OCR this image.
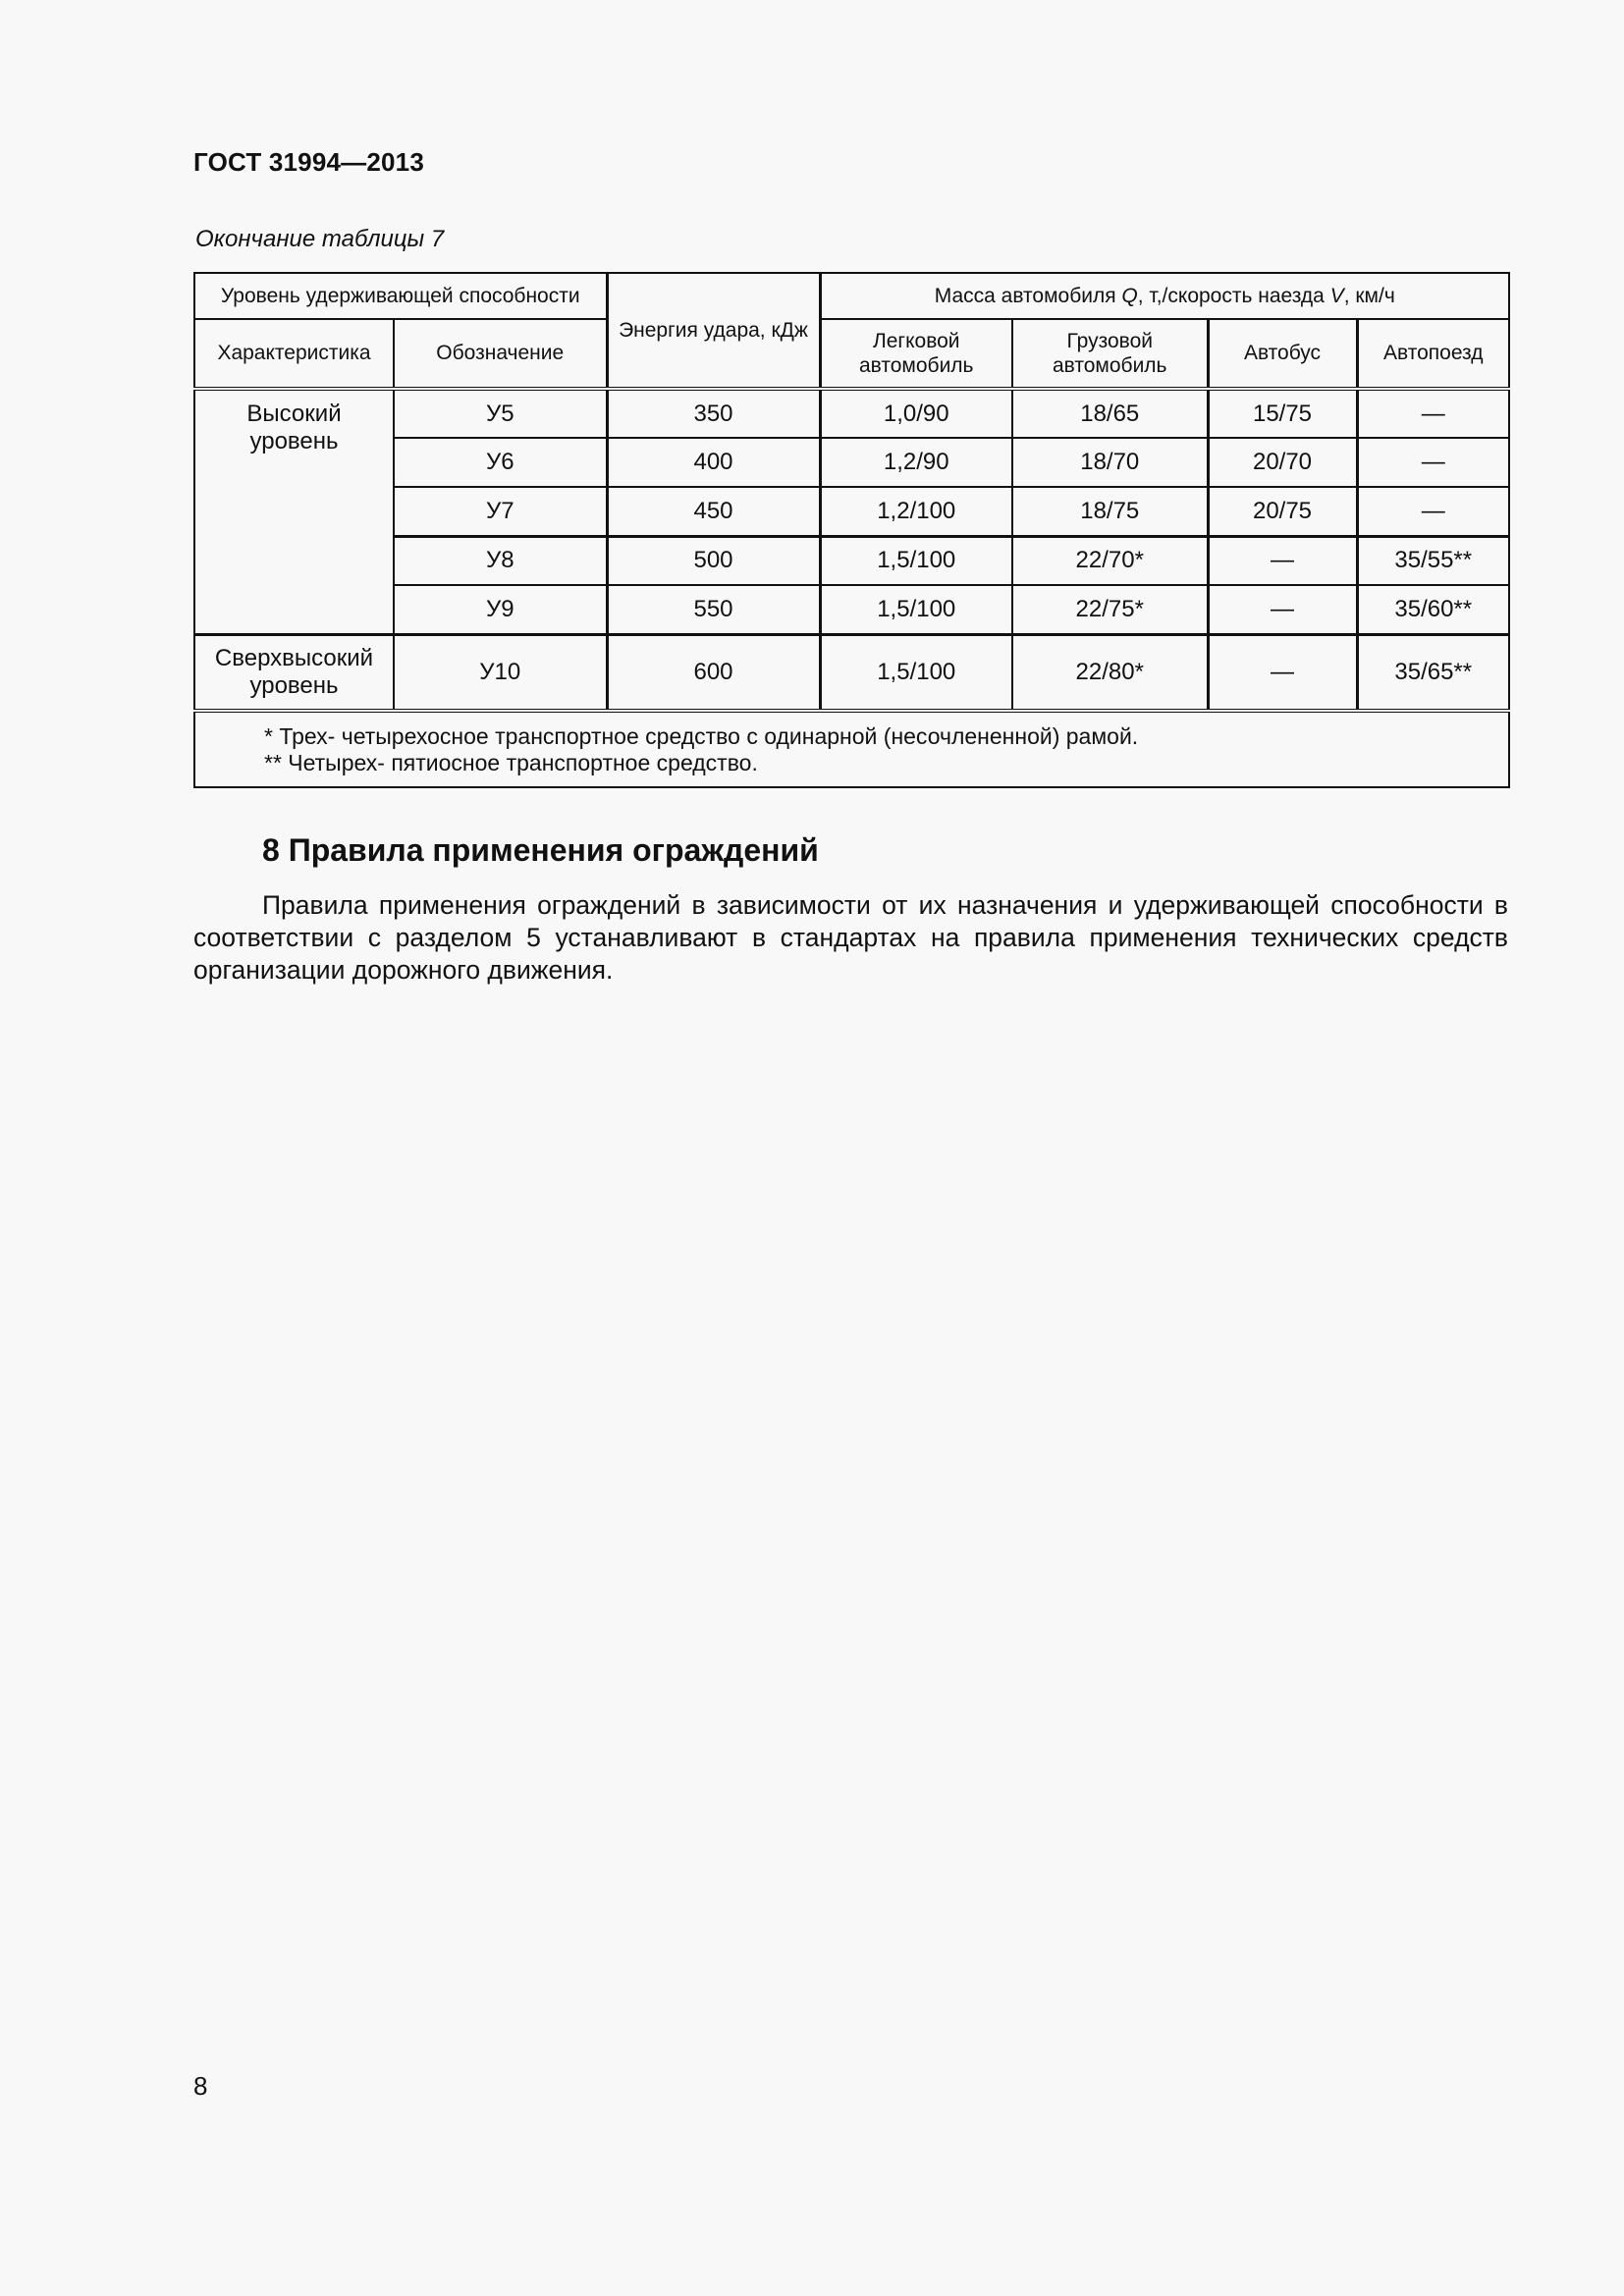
ГОСТ 31994—2013
Окончание таблицы 7
Уровень удерживающей способности		Энергия удара, кДж	Масса автомобиля Q, т,/скорость наезда V, км/ч			
Характеристика	Обозначение		Легковой автомобиль	Грузовой автомобиль	Автобус	Автопоезд
Высокий уровень	У5	350	1,0/90	18/65	15/75	—
	У6	400	1,2/90	18/70	20/70	—
	У7	450	1,2/100	18/75	20/75	—
	У8	500	1,5/100	22/70*	—	35/55**
	У9	550	1,5/100	22/75*	—	35/60**
Сверхвысокий уровень	У10	600	1,5/100	22/80*	—	35/65**

* Трех- четырехосное транспортное средство с одинарной (несочлененной) рамой.
** Четырех- пятиосное транспортное средство.						
8 Правила применения ограждений
Правила применения ограждений в зависимости от их назначения и удерживающей способности в соответствии с разделом 5 устанавливают в стандартах на правила применения технических средств организации дорожного движения.
8
